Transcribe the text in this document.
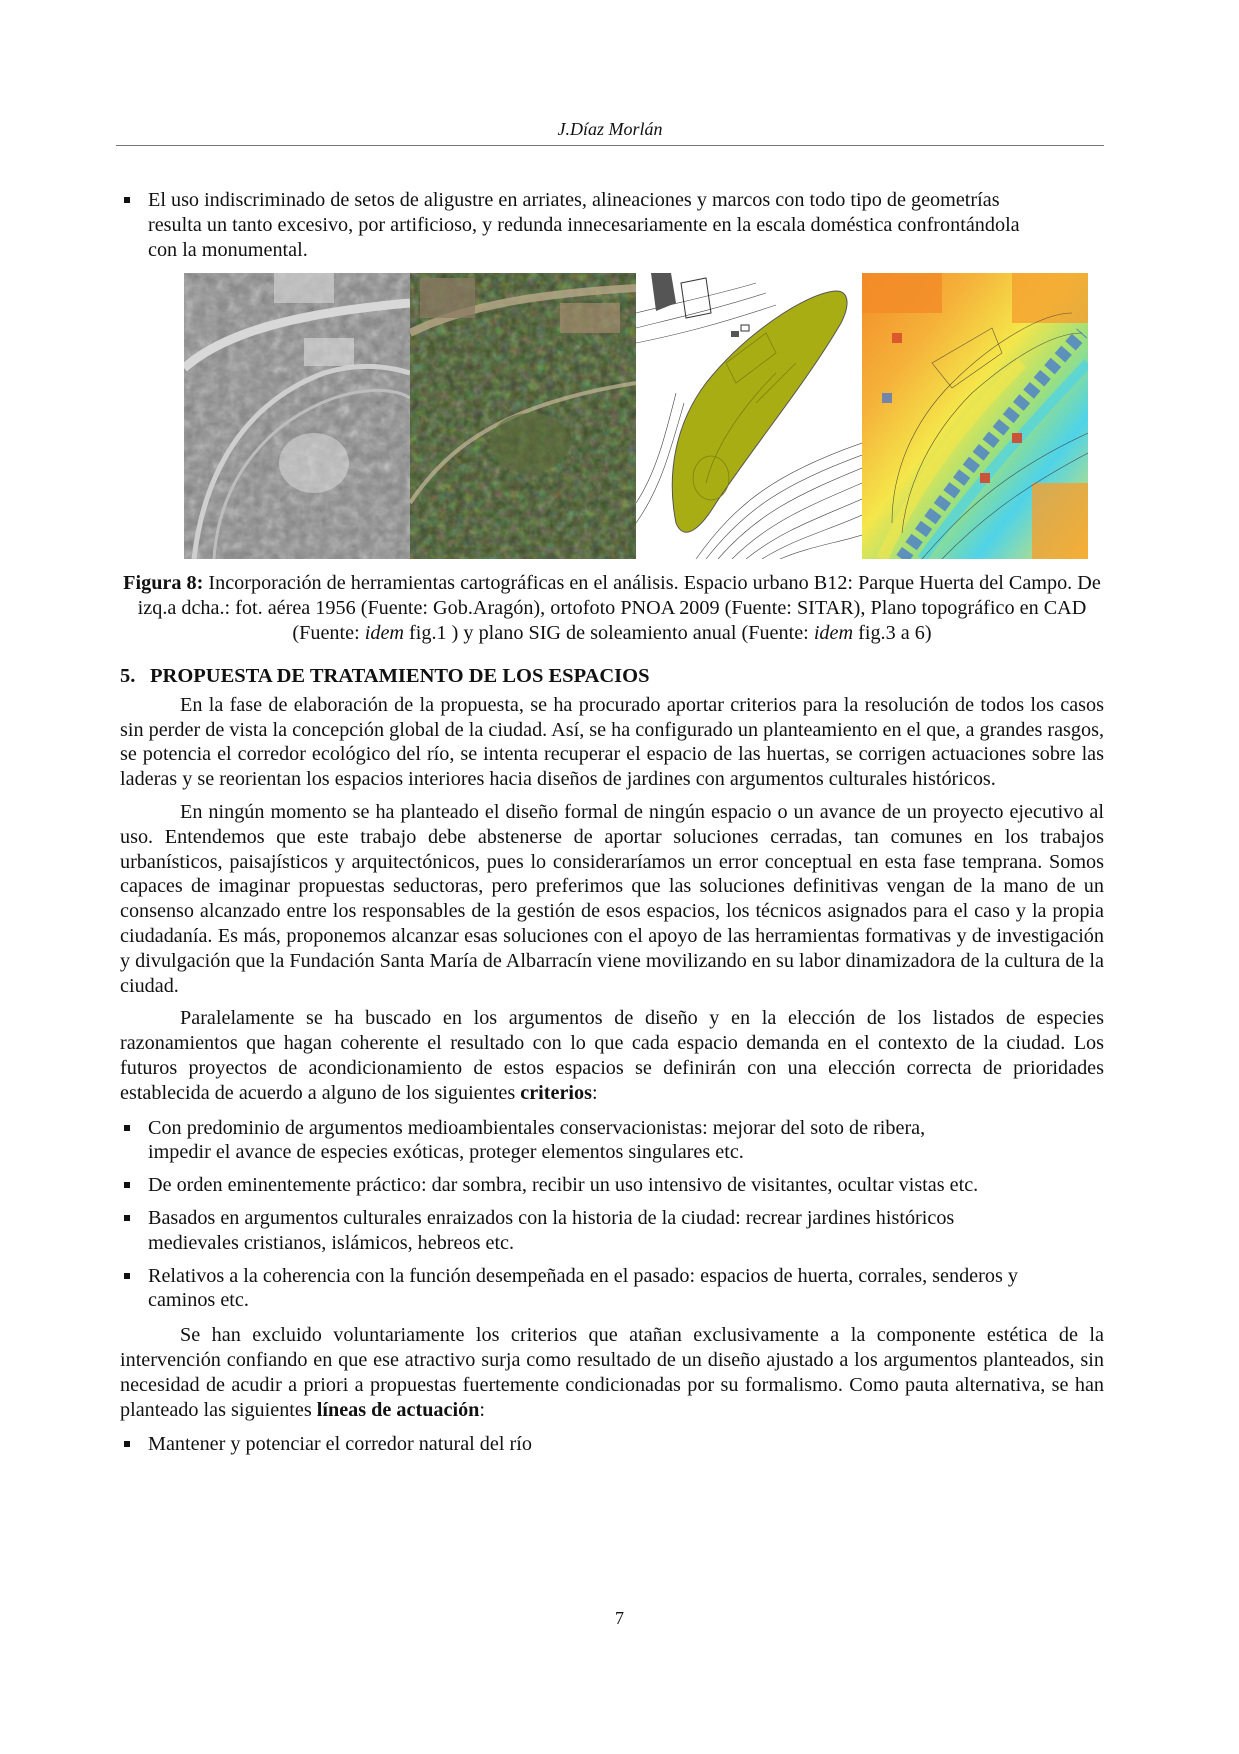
J.Díaz Morlán
El uso indiscriminado de setos de aligustre en arriates, alineaciones y marcos con todo tipo de geometrías resulta un tanto excesivo, por artificioso, y redunda innecesariamente en la escala doméstica confrontándola con la monumental.
Figura 8: Incorporación de herramientas cartográficas en el análisis. Espacio urbano B12: Parque Huerta del Campo. De izq.a dcha.: fot. aérea 1956 (Fuente: Gob.Aragón), ortofoto PNOA 2009 (Fuente: SITAR), Plano topográfico en CAD (Fuente: idem fig.1 ) y plano SIG de soleamiento anual (Fuente: idem fig.3 a 6)
5. PROPUESTA DE TRATAMIENTO DE LOS ESPACIOS

En la fase de elaboración de la propuesta, se ha procurado aportar criterios para la resolución de todos los casos sin perder de vista la concepción global de la ciudad. Así, se ha configurado un planteamiento en el que, a grandes rasgos, se potencia el corredor ecológico del río, se intenta recuperar el espacio de las huertas, se corrigen actuaciones sobre las laderas y se reorientan los espacios interiores hacia diseños de jardines con argumentos culturales históricos.

En ningún momento se ha planteado el diseño formal de ningún espacio o un avance de un proyecto ejecutivo al uso. Entendemos que este trabajo debe abstenerse de aportar soluciones cerradas, tan comunes en los trabajos urbanísticos, paisajísticos y arquitectónicos, pues lo consideraríamos un error conceptual en esta fase temprana. Somos capaces de imaginar propuestas seductoras, pero preferimos que las soluciones definitivas vengan de la mano de un consenso alcanzado entre los responsables de la gestión de esos espacios, los técnicos asignados para el caso y la propia ciudadanía. Es más, proponemos alcanzar esas soluciones con el apoyo de las herramientas formativas y de investigación y divulgación que la Fundación Santa María de Albarracín viene movilizando en su labor dinamizadora de la cultura de la ciudad.

Paralelamente se ha buscado en los argumentos de diseño y en la elección de los listados de especies razonamientos que hagan coherente el resultado con lo que cada espacio demanda en el contexto de la ciudad. Los futuros proyectos de acondicionamiento de estos espacios se definirán con una elección correcta de prioridades establecida de acuerdo a alguno de los siguientes criterios:

Con predominio de argumentos medioambientales conservacionistas: mejorar del soto de ribera, impedir el avance de especies exóticas, proteger elementos singulares etc.
De orden eminentemente práctico: dar sombra, recibir un uso intensivo de visitantes, ocultar vistas etc.
Basados en argumentos culturales enraizados con la historia de la ciudad: recrear jardines históricos medievales cristianos, islámicos, hebreos etc.
Relativos a la coherencia con la función desempeñada en el pasado: espacios de huerta, corrales, senderos y caminos etc.

Se han excluido voluntariamente los criterios que atañan exclusivamente a la componente estética de la intervención confiando en que ese atractivo surja como resultado de un diseño ajustado a los argumentos planteados, sin necesidad de acudir a priori a propuestas fuertemente condicionadas por su formalismo. Como pauta alternativa, se han planteado las siguientes líneas de actuación:

Mantener y potenciar el corredor natural del río
7
